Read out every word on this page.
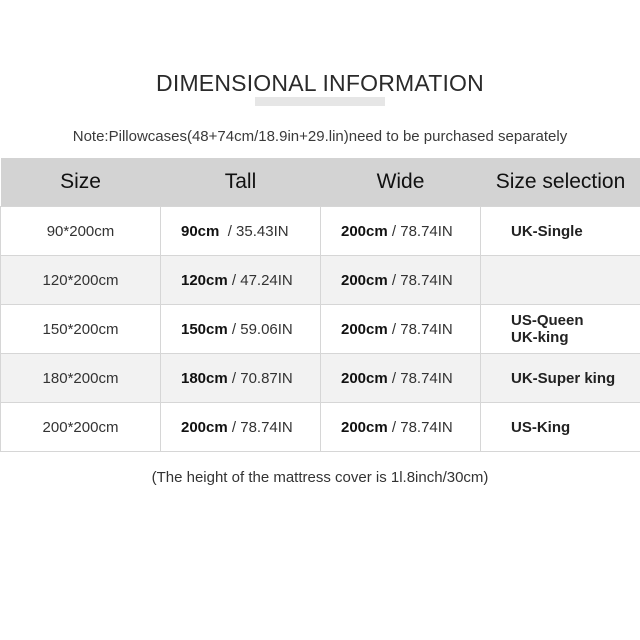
DIMENSIONAL INFORMATION
Note:Pillowcases(48+74cm/18.9in+29.lin)need to be purchased separately
Size	Tall	Wide	Size selection
90*200cm	90cm  / 35.43IN	200cm / 78.74IN	UK-Single

120*200cm	120cm / 47.24IN	200cm / 78.74IN	
150*200cm	150cm / 59.06IN	200cm / 78.74IN	US-Queen
UK-king

180*200cm	180cm / 70.87IN	200cm / 78.74IN	UK-Super king

200*200cm	200cm / 78.74IN	200cm / 78.74IN	US-King
(The height of the mattress cover is 1l.8inch/30cm)
